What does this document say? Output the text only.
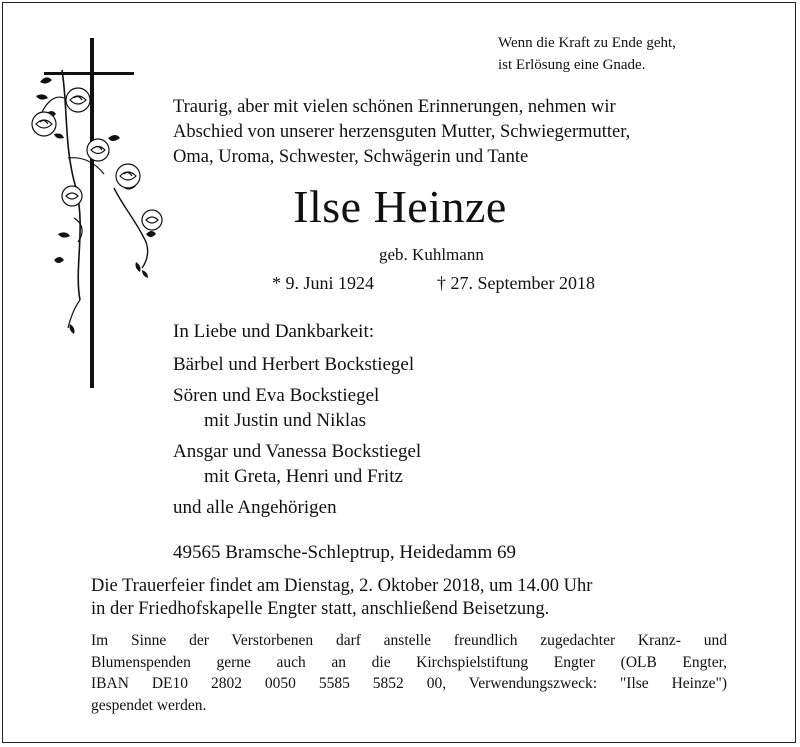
Wenn die Kraft zu Ende geht,
ist Erlösung eine Gnade.
Traurig, aber mit vielen schönen Erinnerungen, nehmen wir
Abschied von unserer herzensguten Mutter, Schwiegermutter,
Oma, Uroma, Schwester, Schwägerin und Tante
Ilse Heinze
geb. Kuhlmann
* 9. Juni 1924	† 27. September 2018
In Liebe und Dankbarkeit:
Bärbel und Herbert Bockstiegel
Sören und Eva Bockstiegel
mit Justin und Niklas
Ansgar und Vanessa Bockstiegel
mit Greta, Henri und Fritz
und alle Angehörigen
49565 Bramsche-Schleptrup, Heidedamm 69
Die Trauerfeier findet am Dienstag, 2. Oktober 2018, um 14.00 Uhr
in der Friedhofskapelle Engter statt, anschließend Beisetzung.
Im Sinne der Verstorbenen darf anstelle freundlich zugedachter Kranz- und
Blumenspenden gerne auch an die Kirchspielstiftung Engter (OLB Engter,
IBAN DE10 2802 0050 5585 5852 00, Verwendungszweck: "Ilse Heinze")
gespendet werden.
